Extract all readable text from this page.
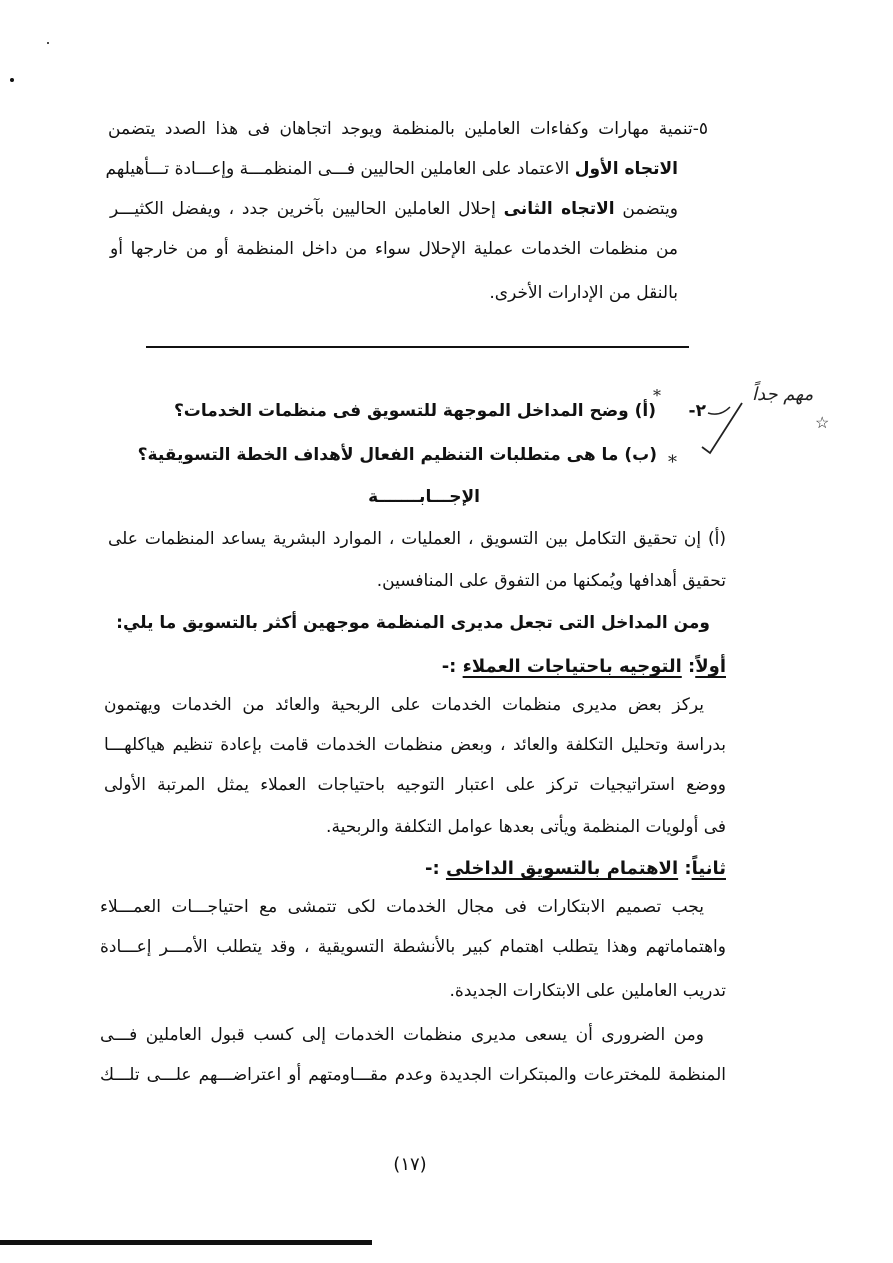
٥-تنمية مهارات وكفاءات العاملين بالمنظمة ويوجد اتجاهان فى هذا الصدد يتضمن
الاتجاه الأول الاعتماد على العاملين الحاليين فـــى المنظمـــة وإعـــادة تـــأهيلهم
ويتضمن الاتجاه الثانى إحلال العاملين الحاليين بآخرين جدد ، ويفضل الكثيـــر
من منظمات الخدمات عملية الإحلال سواء من داخل المنظمة أو من خارجها أو
بالنقل من الإدارات الأخرى.
مهم جداً
☆
٢-
(أ) وضح المداخل الموجهة للتسويق فى منظمات الخدمات؟
*
(ب) ما هى متطلبات التنظيم الفعال لأهداف الخطة التسويقية؟ *
الإجـــابـــــــة
(أ) إن تحقيق التكامل بين التسويق ، العمليات ، الموارد البشرية يساعد المنظمات على
تحقيق أهدافها ويُمكنها من التفوق على المنافسين.
ومن المداخل التى تجعل مديرى المنظمة موجهين أكثر بالتسويق ما يلي:
أولاً: التوجيه باحتياجات العملاء :-
يركز بعض مديرى منظمات الخدمات على الربحية والعائد من الخدمات ويهتمون
بدراسة وتحليل التكلفة والعائد ، وبعض منظمات الخدمات قامت بإعادة تنظيم هياكلهـــا
ووضع استراتيجيات تركز على اعتبار التوجيه باحتياجات العملاء يمثل المرتبة الأولى
فى أولويات المنظمة ويأتى بعدها عوامل التكلفة والربحية.
ثانياً: الاهتمام بالتسويق الداخلى :-
يجب تصميم الابتكارات فى مجال الخدمات لكى تتمشى مع احتياجـــات العمـــلاء
واهتماماتهم وهذا يتطلب اهتمام كبير بالأنشطة التسويقية ، وقد يتطلب الأمـــر إعـــادة
تدريب العاملين على الابتكارات الجديدة.
ومن الضرورى أن يسعى مديرى منظمات الخدمات إلى كسب قبول العاملين فـــى
المنظمة للمخترعات والمبتكرات الجديدة وعدم مقـــاومتهم أو اعتراضـــهم علـــى تلـــك
(١٧)
